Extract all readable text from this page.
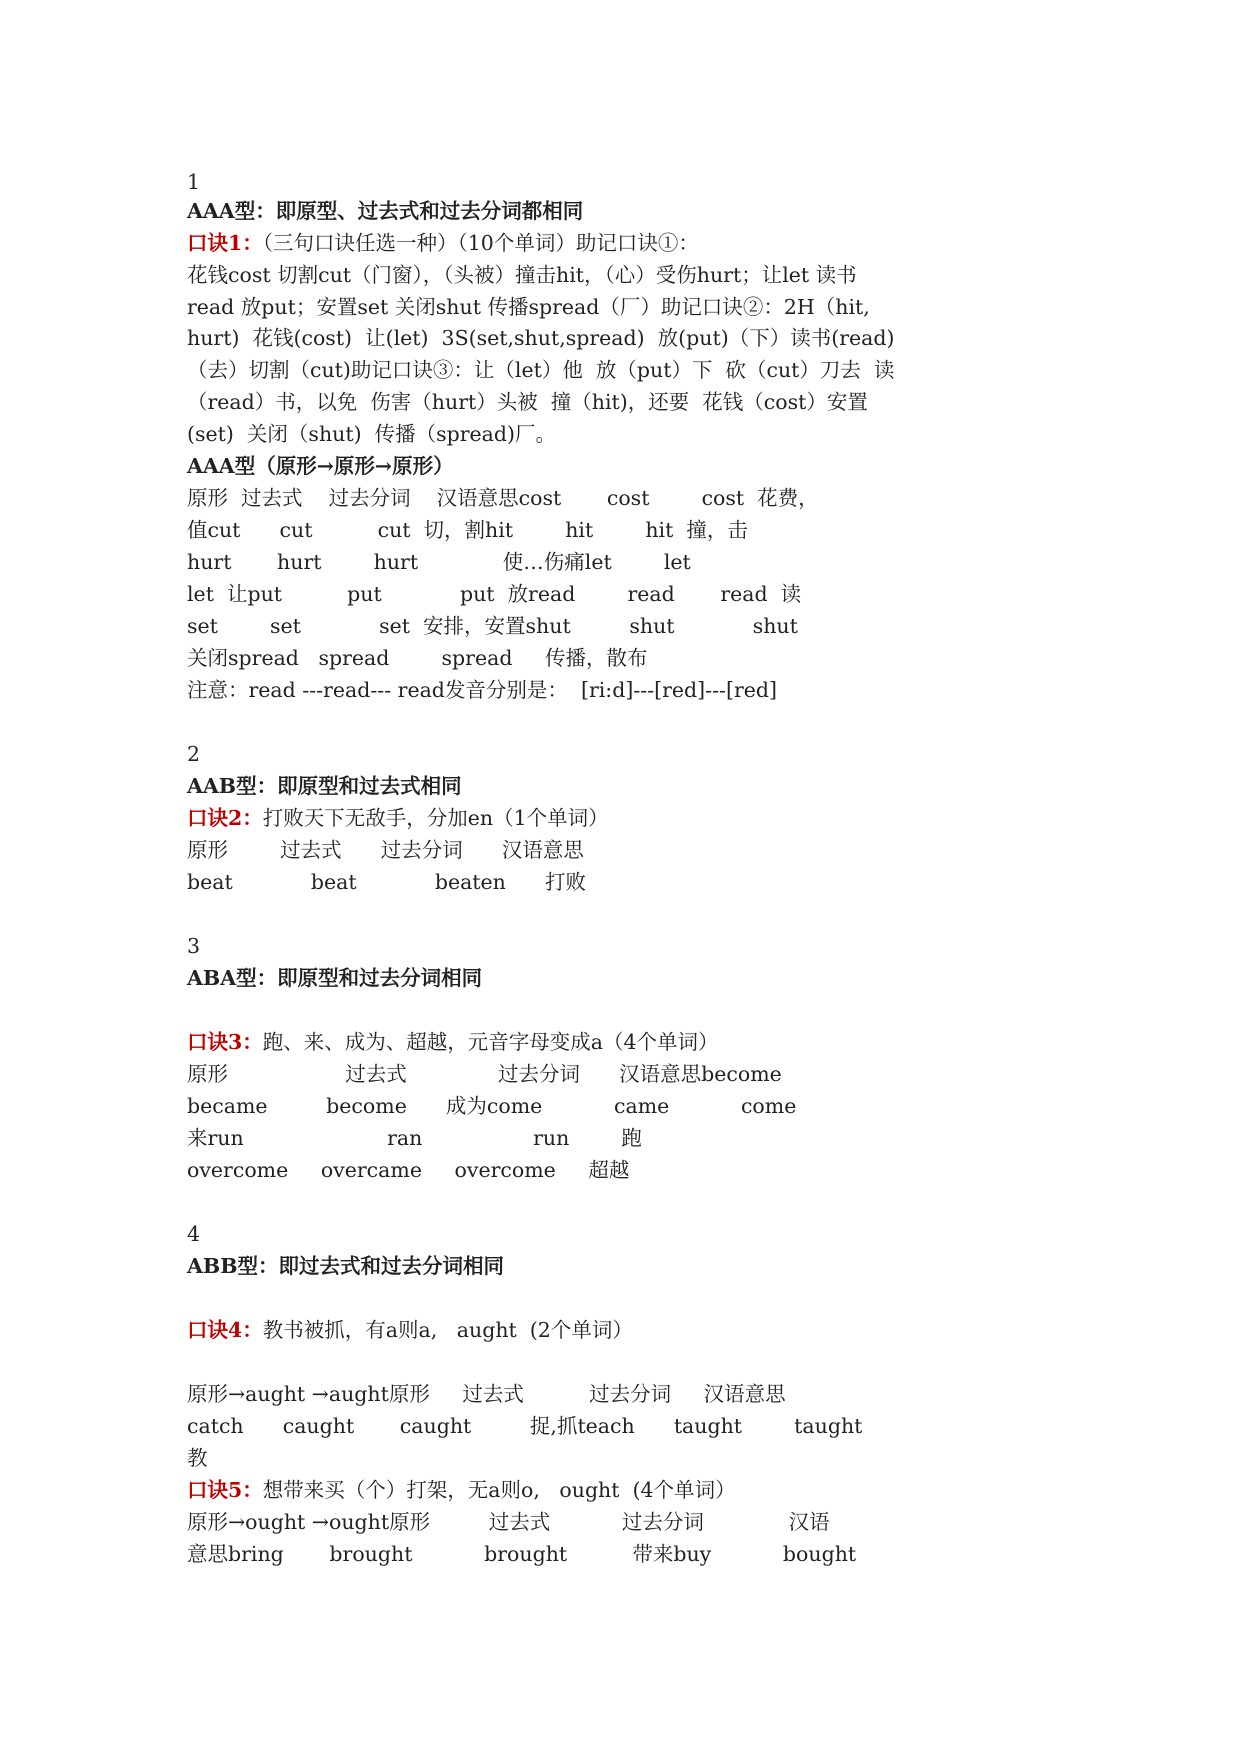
1
AAA型：即原型、过去式和过去分词都相同
口诀1：（三句口诀任选一种）（10个单词）助记口诀①：
花钱cost 切割cut（门窗），（头被）撞击hit，（心）受伤hurt；让let 读书
read 放put；安置set 关闭shut 传播spread（厂）助记口诀②：2H（hit,
hurt)  花钱(cost)  让(let)  3S(set,shut,spread)  放(put)（下）读书(read)
（去）切割（cut)助记口诀③：让（let）他  放（put）下  砍（cut）刀去  读
（read）书，以免  伤害（hurt）头被  撞（hit)，还要  花钱（cost）安置
(set)  关闭（shut)  传播（spread)厂。
AAA型（原形→原形→原形）
原形  过去式    过去分词    汉语意思cost       cost        cost  花费，
值cut      cut          cut  切，割hit        hit        hit  撞，击
hurt       hurt        hurt             使…伤痛let        let
let  让put          put            put  放read        read       read  读
set        set            set  安排，安置shut         shut            shut
关闭spread   spread        spread     传播，散布
注意：read ---read--- read发音分别是：  [ri:d]---[red]---[red]
2
AAB型：即原型和过去式相同
口诀2：打败天下无敌手，分加en（1个单词）
原形        过去式      过去分词      汉语意思
beat            beat            beaten      打败
3
ABA型：即原型和过去分词相同
口诀3：跑、来、成为、超越，元音字母变成a（4个单词）
原形                  过去式              过去分词      汉语意思become
became         become      成为come           came           come
来run                      ran                 run        跑
overcome     overcame     overcome     超越
4
ABB型：即过去式和过去分词相同
口诀4：教书被抓，有a则a,   aught  (2个单词）
原形→aught →aught原形     过去式          过去分词     汉语意思
catch      caught       caught         捉,抓teach      taught        taught
教
口诀5：想带来买（个）打架，无a则o,   ought  (4个单词）
原形→ought →ought原形         过去式           过去分词             汉语
意思bring       brought           brought          带来buy           bought
